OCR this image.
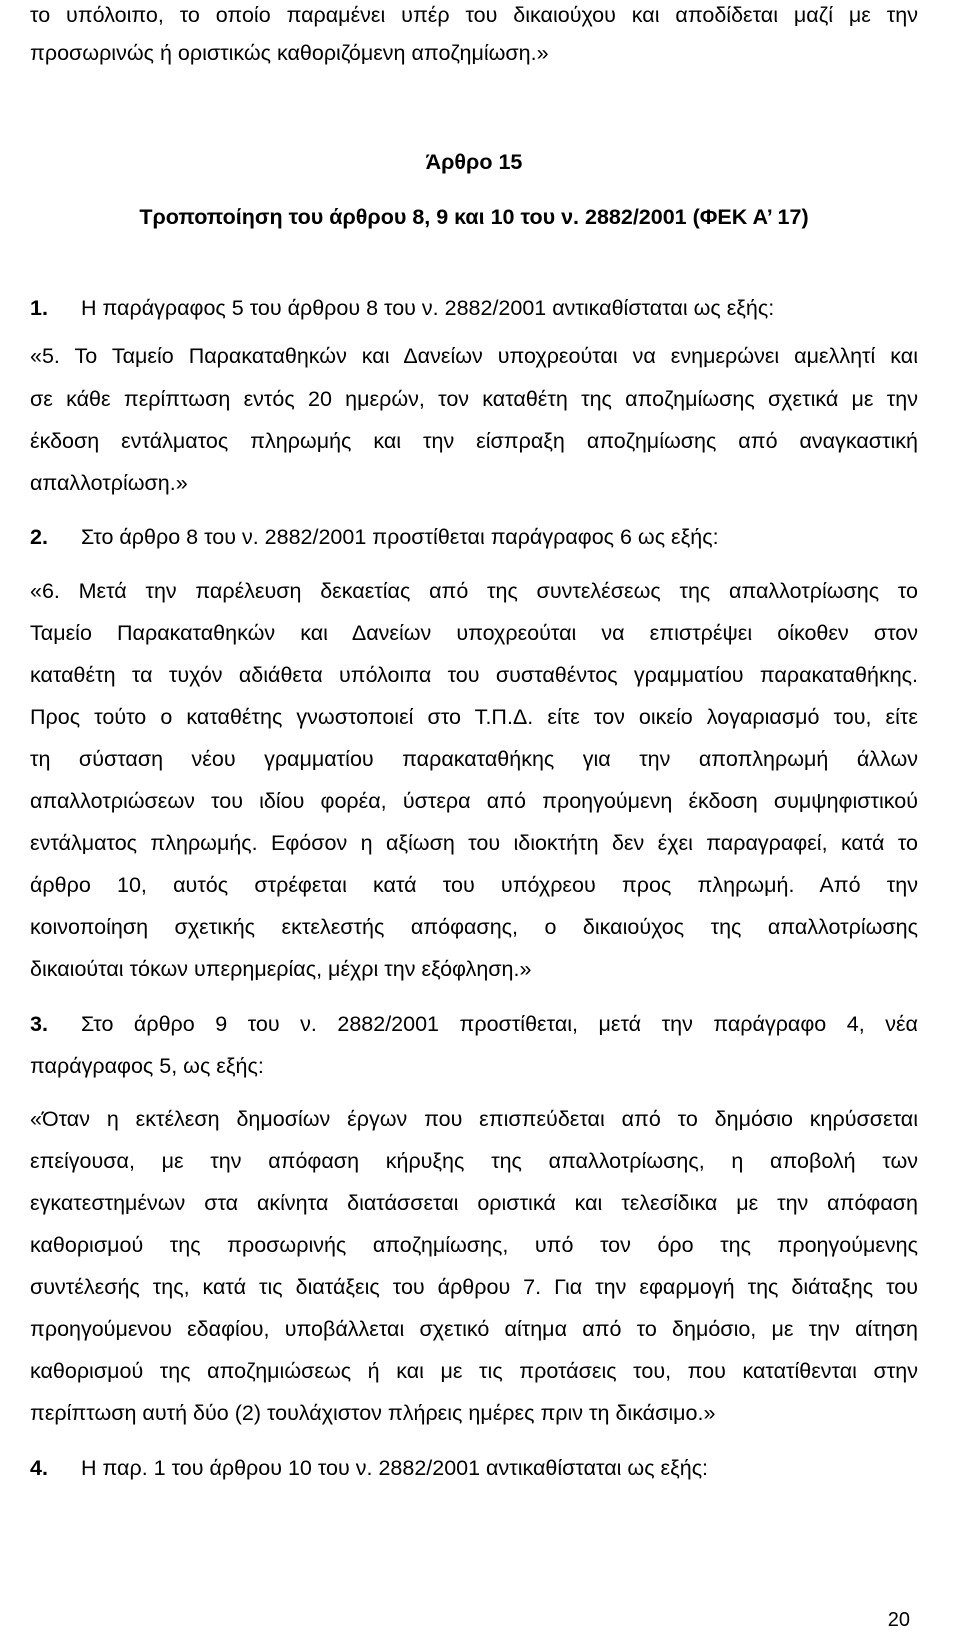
το υπόλοιπο, το οποίο παραμένει υπέρ του δικαιούχου και αποδίδεται μαζί με την
προσωρινώς ή οριστικώς καθοριζόμενη αποζημίωση.»
Άρθρο 15
Τροποποίηση του άρθρου 8, 9 και 10 του ν. 2882/2001 (ΦΕΚ Α’ 17)
1. Η παράγραφος 5 του άρθρου 8 του ν. 2882/2001 αντικαθίσταται ως εξής:
«5. Το Ταμείο Παρακαταθηκών και Δανείων υποχρεούται να ενημερώνει αμελλητί και
σε κάθε περίπτωση εντός 20 ημερών, τον καταθέτη της αποζημίωσης σχετικά με την
έκδοση εντάλματος πληρωμής και την είσπραξη αποζημίωσης από αναγκαστική
απαλλοτρίωση.»
2. Στο άρθρο 8 του ν. 2882/2001 προστίθεται παράγραφος 6 ως εξής:
«6. Μετά την παρέλευση δεκαετίας από της συντελέσεως της απαλλοτρίωσης το
Ταμείο Παρακαταθηκών και Δανείων υποχρεούται να επιστρέψει οίκοθεν στον
καταθέτη τα τυχόν αδιάθετα υπόλοιπα του συσταθέντος γραμματίου παρακαταθήκης.
Προς τούτο ο καταθέτης γνωστοποιεί στο Τ.Π.Δ. είτε τον οικείο λογαριασμό του, είτε
τη σύσταση νέου γραμματίου παρακαταθήκης για την αποπληρωμή άλλων
απαλλοτριώσεων του ιδίου φορέα, ύστερα από προηγούμενη έκδοση συμψηφιστικού
εντάλματος πληρωμής. Εφόσον η αξίωση του ιδιοκτήτη δεν έχει παραγραφεί, κατά το
άρθρο 10, αυτός στρέφεται κατά του υπόχρεου προς πληρωμή. Από την
κοινοποίηση σχετικής εκτελεστής απόφασης, ο δικαιούχος της απαλλοτρίωσης
δικαιούται τόκων υπερημερίας, μέχρι την εξόφληση.»
3. Στο άρθρο 9 του ν. 2882/2001 προστίθεται, μετά την παράγραφο 4, νέα
παράγραφος 5, ως εξής:
«Όταν η εκτέλεση δημοσίων έργων που επισπεύδεται από το δημόσιο κηρύσσεται
επείγουσα, με την απόφαση κήρυξης της απαλλοτρίωσης, η αποβολή των
εγκατεστημένων στα ακίνητα διατάσσεται οριστικά και τελεσίδικα με την απόφαση
καθορισμού της προσωρινής αποζημίωσης, υπό τον όρο της προηγούμενης
συντέλεσής της, κατά τις διατάξεις του άρθρου 7. Για την εφαρμογή της διάταξης του
προηγούμενου εδαφίου, υποβάλλεται σχετικό αίτημα από το δημόσιο, με την αίτηση
καθορισμού της αποζημιώσεως ή και με τις προτάσεις του, που κατατίθενται στην
περίπτωση αυτή δύο (2) τουλάχιστον πλήρεις ημέρες πριν τη δικάσιμο.»
4. Η παρ. 1 του άρθρου 10 του ν. 2882/2001 αντικαθίσταται ως εξής:
20
